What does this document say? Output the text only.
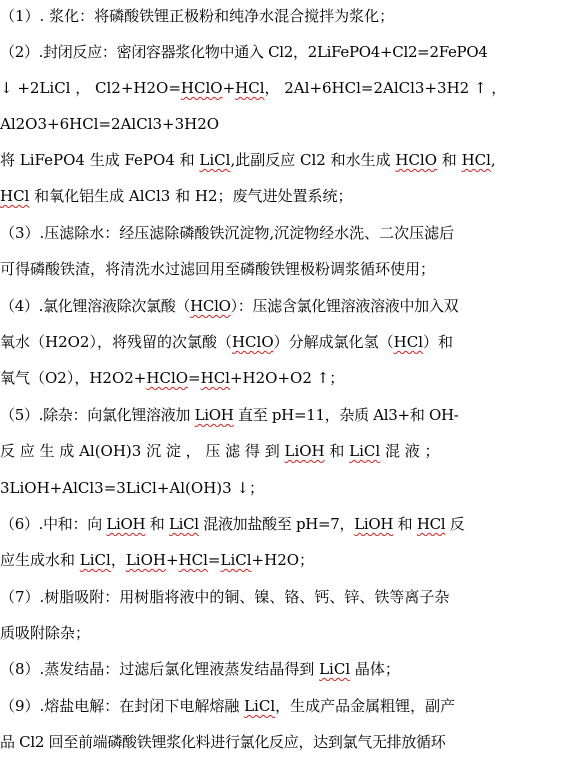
（1）. 浆化：将磷酸铁锂正极粉和纯净水混合搅拌为浆化；
（2）.封闭反应：密闭容器浆化物中通入 Cl2，2LiFePO4+Cl2=2FePO4
↓ +2LiCl ， Cl2+H2O=HClO+HCl， 2Al+6HCl=2AlCl3+3H2 ↑ ，
Al2O3+6HCl=2AlCl3+3H2O
将 LiFePO4 生成 FePO4 和 LiCl,此副反应 Cl2 和水生成 HClO 和 HCl,
HCl 和氧化铝生成 AlCl3 和 H2；废气进处置系统；
（3）.压滤除水：经压滤除磷酸铁沉淀物,沉淀物经水洗、二次压滤后
可得磷酸铁渣，将清洗水过滤回用至磷酸铁锂极粉调浆循环使用；
（4）.氯化锂溶液除次氯酸（HClO）：压滤含氯化锂溶液溶液中加入双
氧水（H2O2），将残留的次氯酸（HClO）分解成氯化氢（HCl）和
氧气（O2），H2O2+HClO=HCl+H2O+O2 ↑；
（5）.除杂：向氯化锂溶液加 LiOH 直至 pH=11，杂质 Al3+和 OH-
反 应 生 成 Al(OH)3 沉 淀 ， 压 滤 得 到 LiOH 和 LiCl 混 液 ；
3LiOH+AlCl3=3LiCl+Al(OH)3 ↓；
（6）.中和：向 LiOH 和 LiCl 混液加盐酸至 pH=7，LiOH 和 HCl 反
应生成水和 LiCl，LiOH+HCl=LiCl+H2O；
（7）.树脂吸附：用树脂将液中的铜、镍、铬、钙、锌、铁等离子杂
质吸附除杂；
（8）.蒸发结晶：过滤后氯化锂液蒸发结晶得到 LiCl 晶体；
（9）.熔盐电解：在封闭下电解熔融 LiCl，生成产品金属粗锂，副产
品 Cl2 回至前端磷酸铁锂浆化料进行氯化反应，达到氯气无排放循环
